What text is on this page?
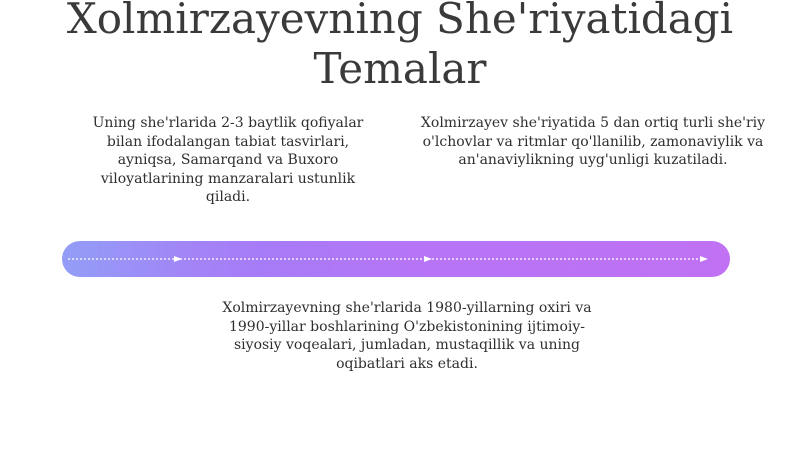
Xolmirzayevning She'riyatidagi Temalar

Uning she'rlarida 2-3 baytlik qofiyalar bilan ifodalangan tabiat tasvirlari, ayniqsa, Samarqand va Buxoro viloyatlarining manzaralari ustunlik qiladi.

Xolmirzayev she'riyatida 5 dan ortiq turli she'riy o'lchovlar va ritmlar qo'llanilib, zamonaviylik va an'anaviylikning uyg'unligi kuzatiladi.

Xolmirzayevning she'rlarida 1980-yillarning oxiri va 1990-yillar boshlarining O'zbekistonining ijtimoiy-siyosiy voqealari, jumladan, mustaqillik va uning oqibatlari aks etadi.
